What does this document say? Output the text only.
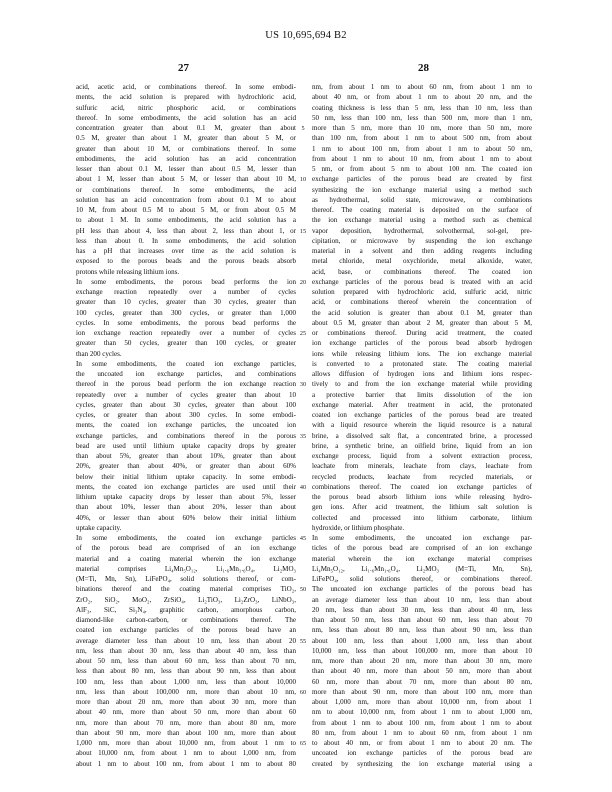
US 10,695,694 B2
27	28
acid, acetic acid, or combinations thereof. In some embodi-
ments, the acid solution is prepared with hydrochloric acid,
sulfuric acid, nitric phosphoric acid, or combinations
thereof. In some embodiments, the acid solution has an acid
concentration greater than about 0.1 M, greater than about
0.5 M, greater than about 1 M, greater than about 5 M, or
greater than about 10 M, or combinations thereof. In some
embodiments, the acid solution has an acid concentration
lesser than about 0.1 M, lesser than about 0.5 M, lesser than
about 1 M, lesser than about 5 M, or lesser than about 10 M,
or combinations thereof. In some embodiments, the acid
solution has an acid concentration from about 0.1 M to about
10 M, from about 0.5 M to about 5 M, or from about 0.5 M
to about 1 M. In some embodiments, the acid solution has a
pH less than about 4, less than about 2, less than about 1, or
less than about 0. In some embodiments, the acid solution
has a pH that increases over time as the acid solution is
exposed to the porous beads and the porous beads absorb
protons while releasing lithium ions.
In some embodiments, the porous bead performs the ion
exchange reaction repeatedly over a number of cycles
greater than 10 cycles, greater than 30 cycles, greater than
100 cycles, greater than 300 cycles, or greater than 1,000
cycles. In some embodiments, the porous bead performs the
ion exchange reaction repeatedly over a number of cycles
greater than 50 cycles, greater than 100 cycles, or greater
than 200 cycles.
In some embodiments, the coated ion exchange particles,
the uncoated ion exchange particles, and combinations
thereof in the porous bead perform the ion exchange reaction
repeatedly over a number of cycles greater than about 10
cycles, greater than about 30 cycles, greater than about 100
cycles, or greater than about 300 cycles. In some embodi-
ments, the coated ion exchange particles, the uncoated ion
exchange particles, and combinations thereof in the porous
bead are used until lithium uptake capacity drops by greater
than about 5%, greater than about 10%, greater than about
20%, greater than about 40%, or greater than about 60%
below their initial lithium uptake capacity. In some embodi-
ments, the coated ion exchange particles are used until their
lithium uptake capacity drops by lesser than about 5%, lesser
than about 10%, lesser than about 20%, lesser than about
40%, or lesser than about 60% below their initial lithium
uptake capacity.
In some embodiments, the coated ion exchange particles
of the porous bead are comprised of an ion exchange
material and a coating material wherein the ion exchange
material comprises Li₄Mn₅O₁₂, Li₁.₆Mn₁.₆O₄, Li₂MO₃
(M=Ti, Mn, Sn), LiFePO₄, solid solutions thereof, or com-
binations thereof and the coating material comprises TiO₂,
ZrO₂, SiO₂, MoO₂, ZrSiO₄, Li₂TiO₃, Li₂ZrO₃, LiNbO₃,
AlF₃, SiC, Si₃N₄, graphitic carbon, amorphous carbon,
diamond-like carbon-carbon, or combinations thereof. The
coated ion exchange particles of the porous bead have an
average diameter less than about 10 nm, less than about 20
nm, less than about 30 nm, less than about 40 nm, less than
about 50 nm, less than about 60 nm, less than about 70 nm,
less than about 80 nm, less than about 90 nm, less than about
100 nm, less than about 1,000 nm, less than about 10,000
nm, less than about 100,000 nm, more than about 10 nm,
more than about 20 nm, more than about 30 nm, more than
about 40 nm, more than about 50 nm, more than about 60
nm, more than about 70 nm, more than about 80 nm, more
than about 90 nm, more than about 100 nm, more than about
1,000 nm, more than about 10,000 nm, from about 1 nm to
about 10,000 nm, from about 1 nm to about 1,000 nm, from
about 1 nm to about 100 nm, from about 1 nm to about 80
5
10
15
20
25
30
35
40
45
50
55
60
65
nm, from about 1 nm to about 60 nm, from about 1 nm to
about 40 nm, or from about 1 nm to about 20 nm, and the
coating thickness is less than 5 nm, less than 10 nm, less than
50 nm, less than 100 nm, less than 500 nm, more than 1 nm,
more than 5 nm, more than 10 nm, more than 50 nm, more
than 100 nm, from about 1 nm to about 500 nm, from about
1 nm to about 100 nm, from about 1 nm to about 50 nm,
from about 1 nm to about 10 nm, from about 1 nm to about
5 nm, or from about 5 nm to about 100 nm. The coated ion
exchange particles of the porous bead are created by first
synthesizing the ion exchange material using a method such
as hydrothermal, solid state, microwave, or combinations
thereof. The coating material is deposited on the surface of
the ion exchange material using a method such as chemical
vapor deposition, hydrothermal, solvothermal, sol-gel, pre-
cipitation, or microwave by suspending the ion exchange
material in a solvent and then adding reagents including
metal chloride, metal oxychloride, metal alkoxide, water,
acid, base, or combinations thereof. The coated ion
exchange particles of the porous bead is treated with an acid
solution prepared with hydrochloric acid, sulfuric acid, nitric
acid, or combinations thereof wherein the concentration of
the acid solution is greater than about 0.1 M, greater than
about 0.5 M, greater than about 2 M, greater than about 5 M,
or combinations thereof. During acid treatment, the coated
ion exchange particles of the porous bead absorb hydrogen
ions while releasing lithium ions. The ion exchange material
is converted to a protonated state. The coating material
allows diffusion of hydrogen ions and lithium ions respec-
tively to and from the ion exchange material while providing
a protective barrier that limits dissolution of the ion
exchange material. After treatment in acid, the protonated
coated ion exchange particles of the porous bead are treated
with a liquid resource wherein the liquid resource is a natural
brine, a dissolved salt flat, a concentrated brine, a processed
brine, a synthetic brine, an oilfield brine, liquid from an ion
exchange process, liquid from a solvent extraction process,
leachate from minerals, leachate from clays, leachate from
recycled products, leachate from recycled materials, or
combinations thereof. The coated ion exchange particles of
the porous bead absorb lithium ions while releasing hydro-
gen ions. After acid treatment, the lithium salt solution is
collected and processed into lithium carbonate, lithium
hydroxide, or lithium phosphate.
In some embodiments, the uncoated ion exchange par-
ticles of the porous bead are comprised of an ion exchange
material wherein the ion exchange material comprises
Li₄Mn₅O₁₂, Li₁.₆Mn₁.₆O₄, Li₂MO₃ (M=Ti, Mn, Sn),
LiFePO₄, solid solutions thereof, or combinations thereof.
The uncoated ion exchange particles of the porous bead has
an average diameter less than about 10 nm, less than about
20 nm, less than about 30 nm, less than about 40 nm, less
than about 50 nm, less than about 60 nm, less than about 70
nm, less than about 80 nm, less than about 90 nm, less than
about 100 nm, less than about 1,000 nm, less than about
10,000 nm, less than about 100,000 nm, more than about 10
nm, more than about 20 nm, more than about 30 nm, more
than about 40 nm, more than about 50 nm, more than about
60 nm, more than about 70 nm, more than about 80 nm,
more than about 90 nm, more than about 100 nm, more than
about 1,000 nm, more than about 10,000 nm, from about 1
nm to about 10,000 nm, from about 1 nm to about 1,000 nm,
from about 1 nm to about 100 nm, from about 1 nm to about
80 nm, from about 1 nm to about 60 nm, from about 1 nm
to about 40 nm, or from about 1 nm to about 20 nm. The
uncoated ion exchange particles of the porous bead are
created by synthesizing the ion exchange material using a
